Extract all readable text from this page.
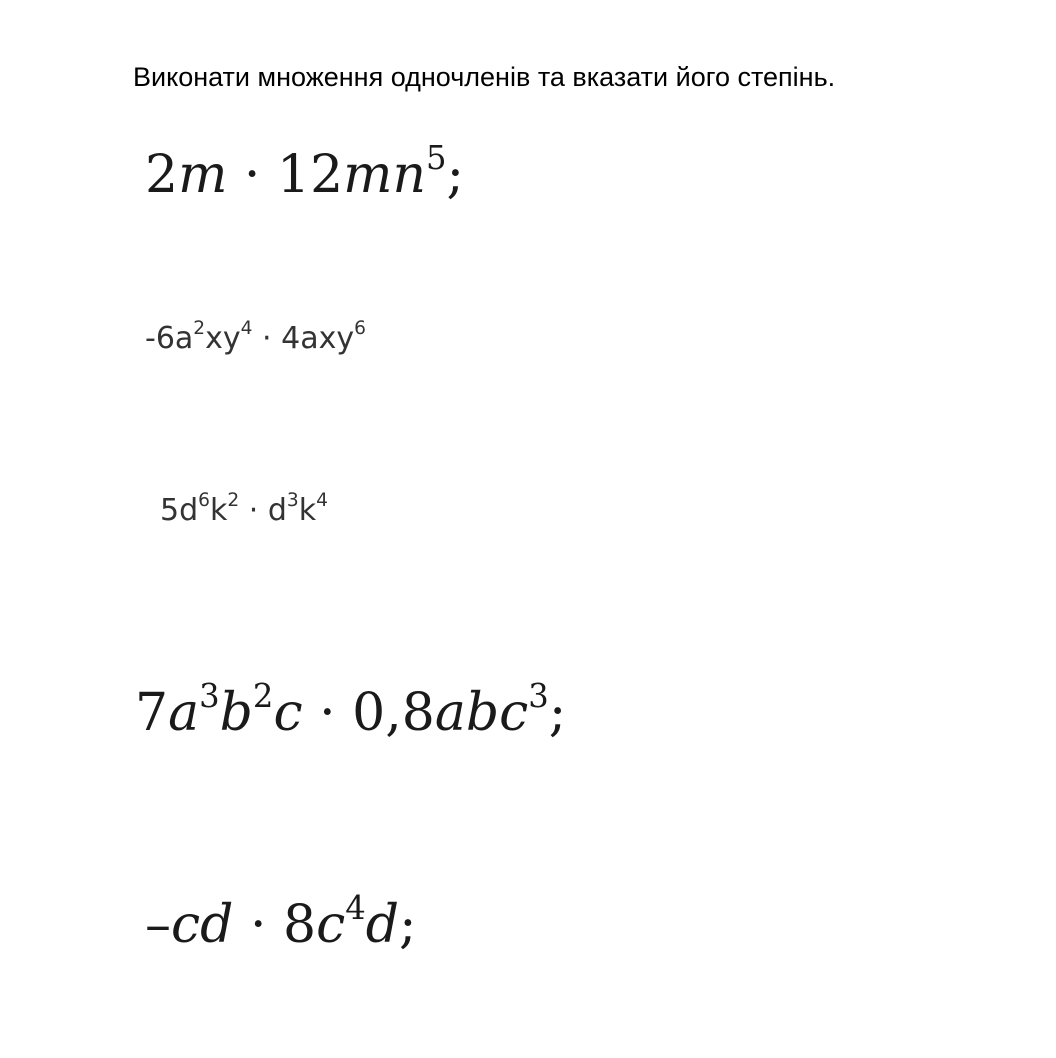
Виконати множення одночленів та вказати його степінь.
$2m \cdot 12mn^5$;
$-6a^2xy^4 \cdot 4axy^6$
$5d^6k^2 \cdot d^3k^4$
$7a^3b^2c \cdot 0,8abc^3$;
$-cd \cdot 8c^4d$;
